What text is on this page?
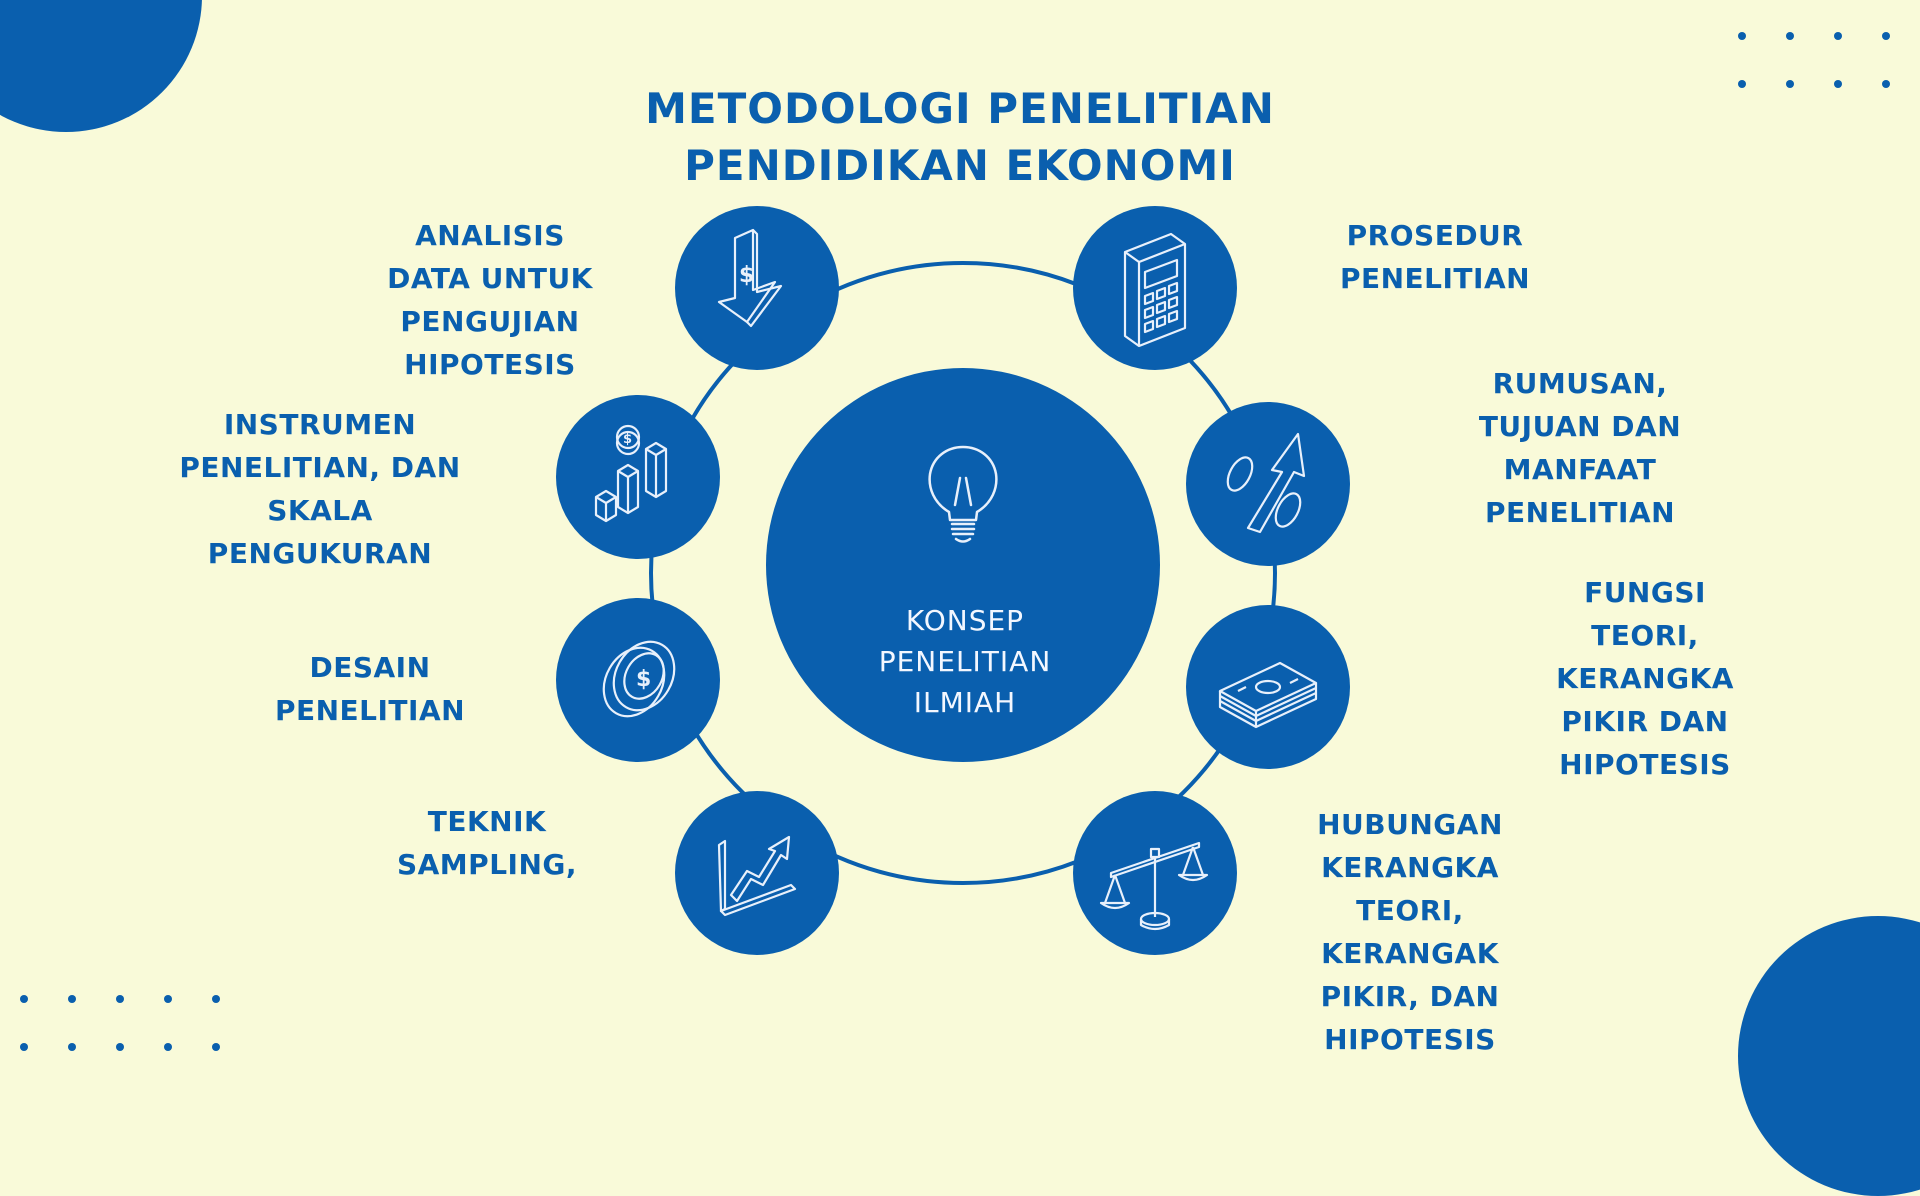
METODOLOGI PENELITIAN
PENDIDIKAN EKONOMI
$
$
$
KONSEP
PENELITIAN
ILMIAH
ANALISIS
DATA UNTUK
PENGUJIAN
HIPOTESIS
PROSEDUR
PENELITIAN
INSTRUMEN
PENELITIAN, DAN
SKALA
PENGUKURAN
RUMUSAN,
TUJUAN DAN
MANFAAT
PENELITIAN
DESAIN
PENELITIAN
FUNGSI
TEORI,
KERANGKA
PIKIR DAN
HIPOTESIS
TEKNIK
SAMPLING,
HUBUNGAN
KERANGKA
TEORI,
KERANGAK
PIKIR, DAN
HIPOTESIS
